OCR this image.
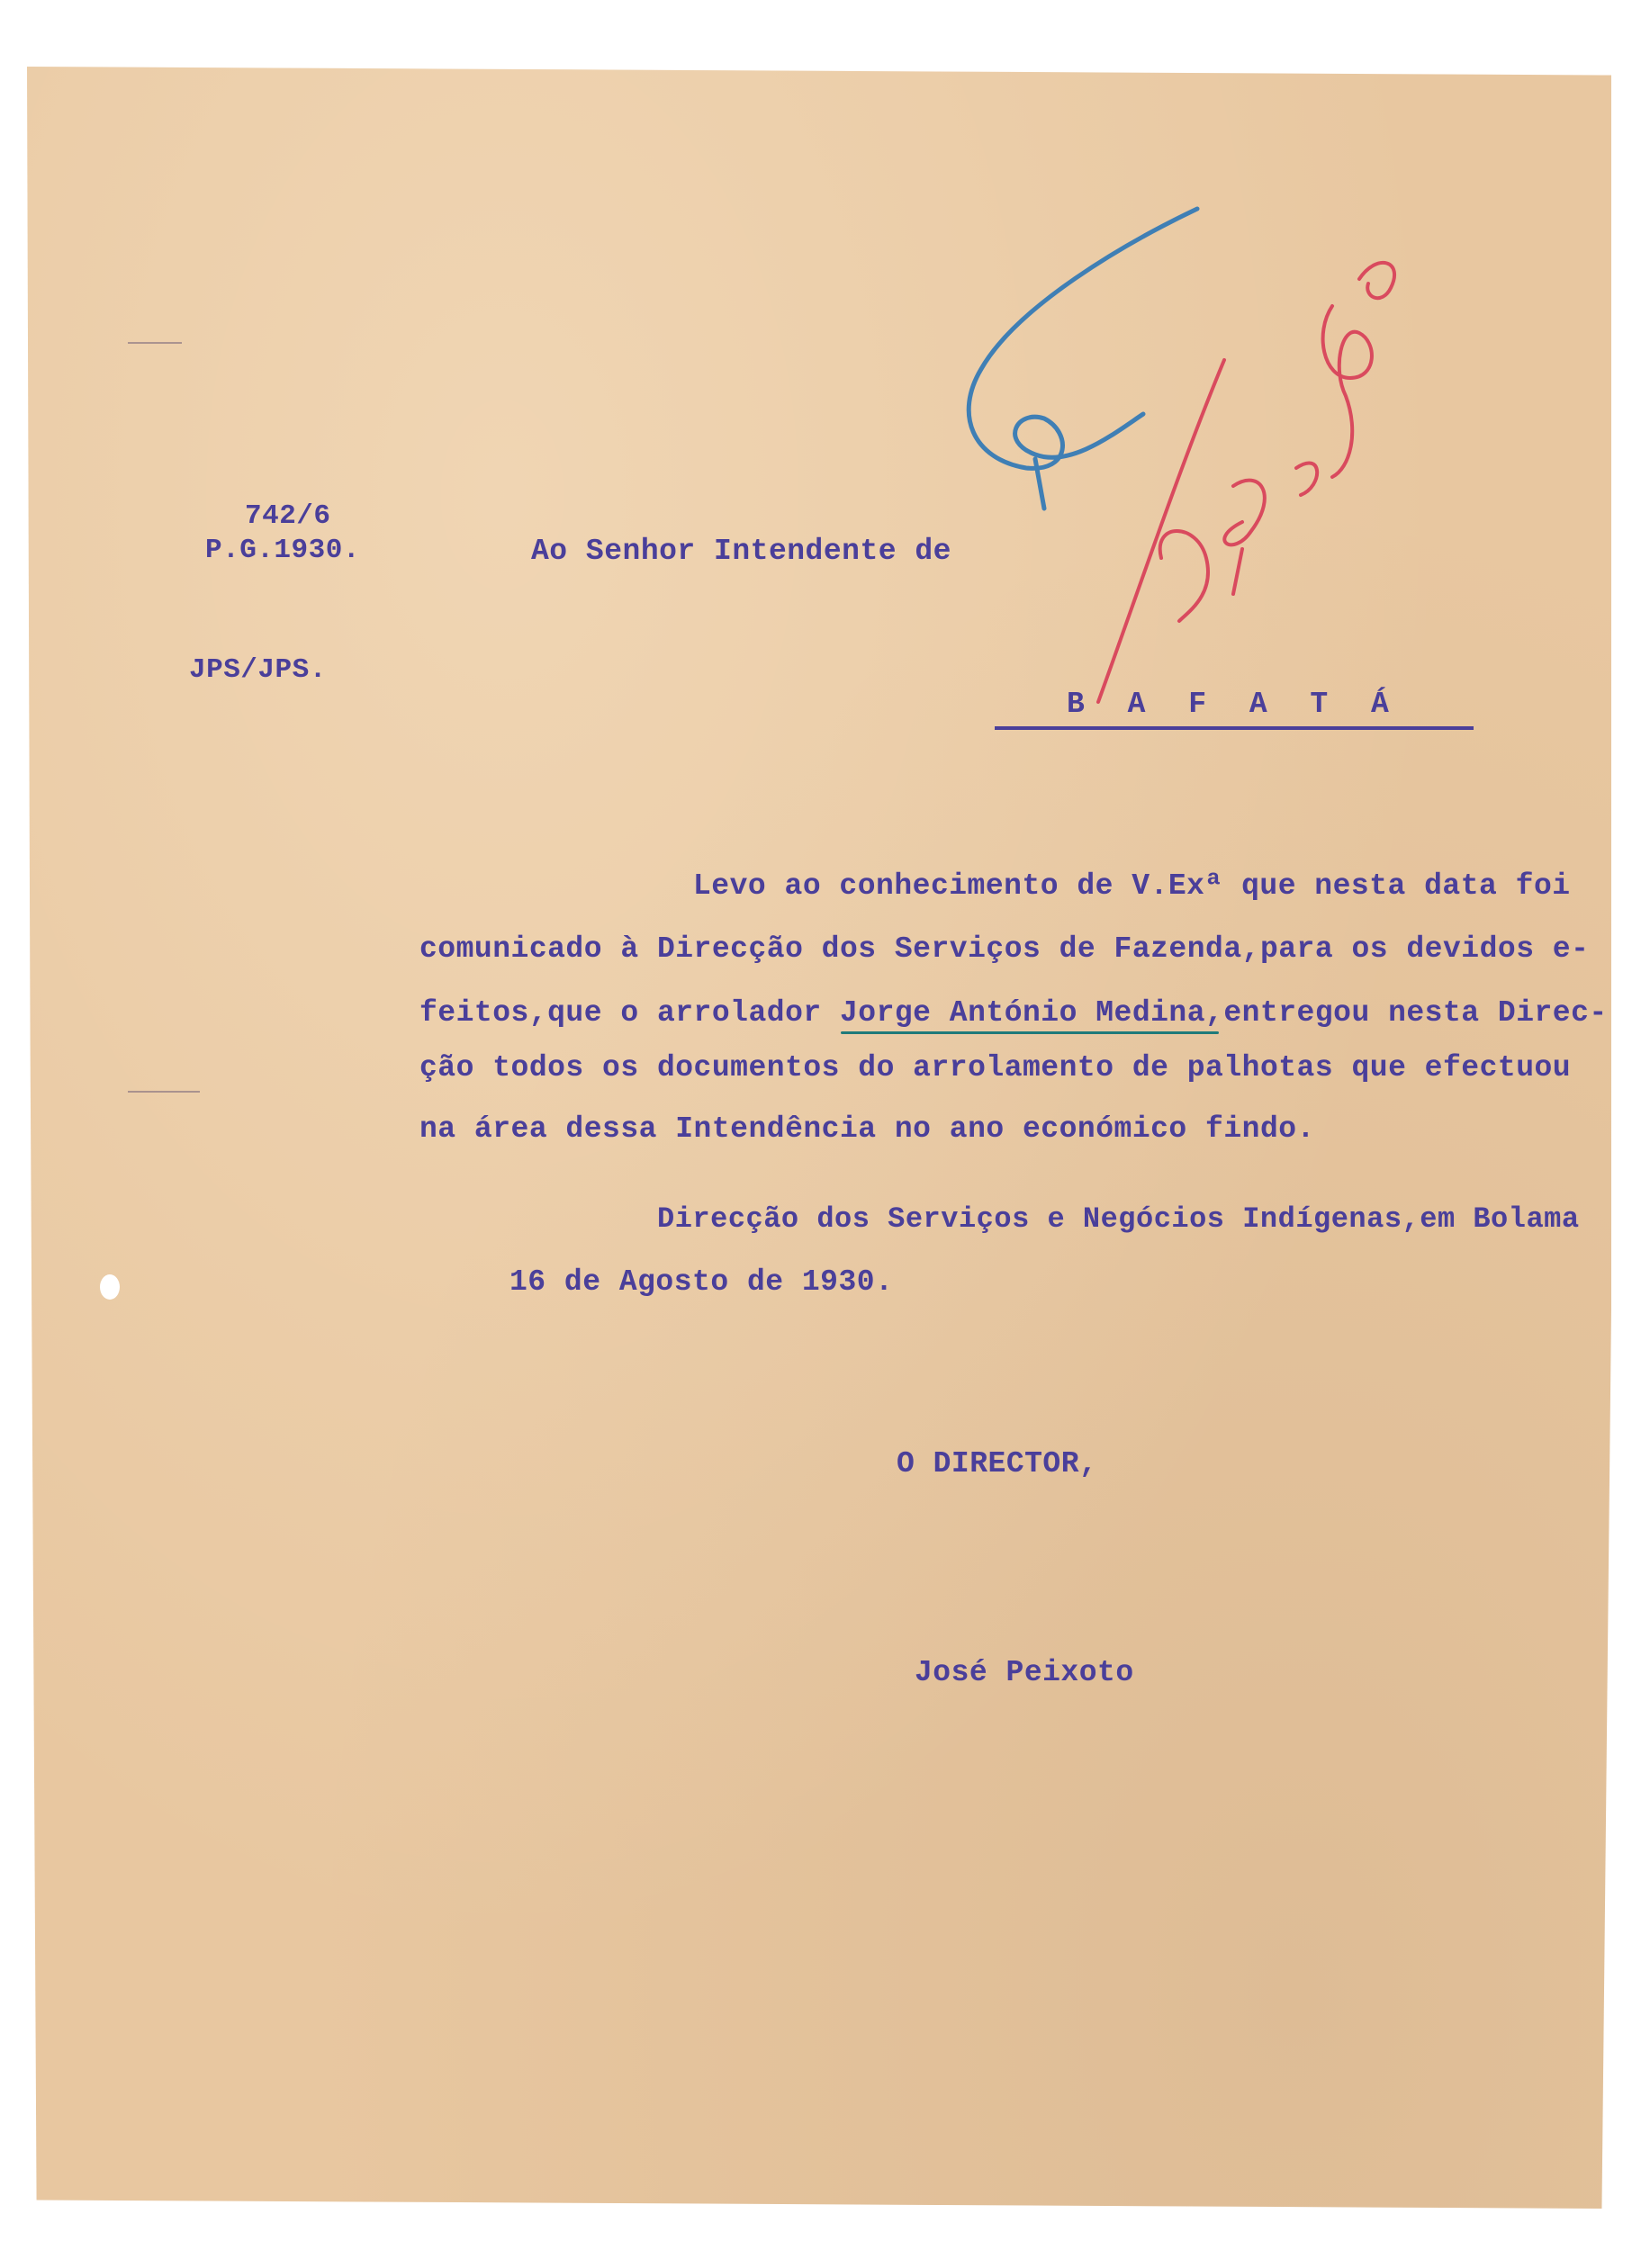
742/6

P.G.1930.

JPS/JPS.

Ao Senhor Intendente de

B A F A T Á

Levo ao conhecimento de V.Exª que nesta data foi

comunicado à Direcção dos Serviços de Fazenda,para os devidos e-

feitos,que o arrolador Jorge António Medina,entregou nesta Direc-

ção todos os documentos do arrolamento de palhotas que efectuou

na área dessa Intendência no ano económico findo.

Direcção dos Serviços e Negócios Indígenas,em Bolama

16 de Agosto de 1930.

O DIRECTOR,

José Peixoto
